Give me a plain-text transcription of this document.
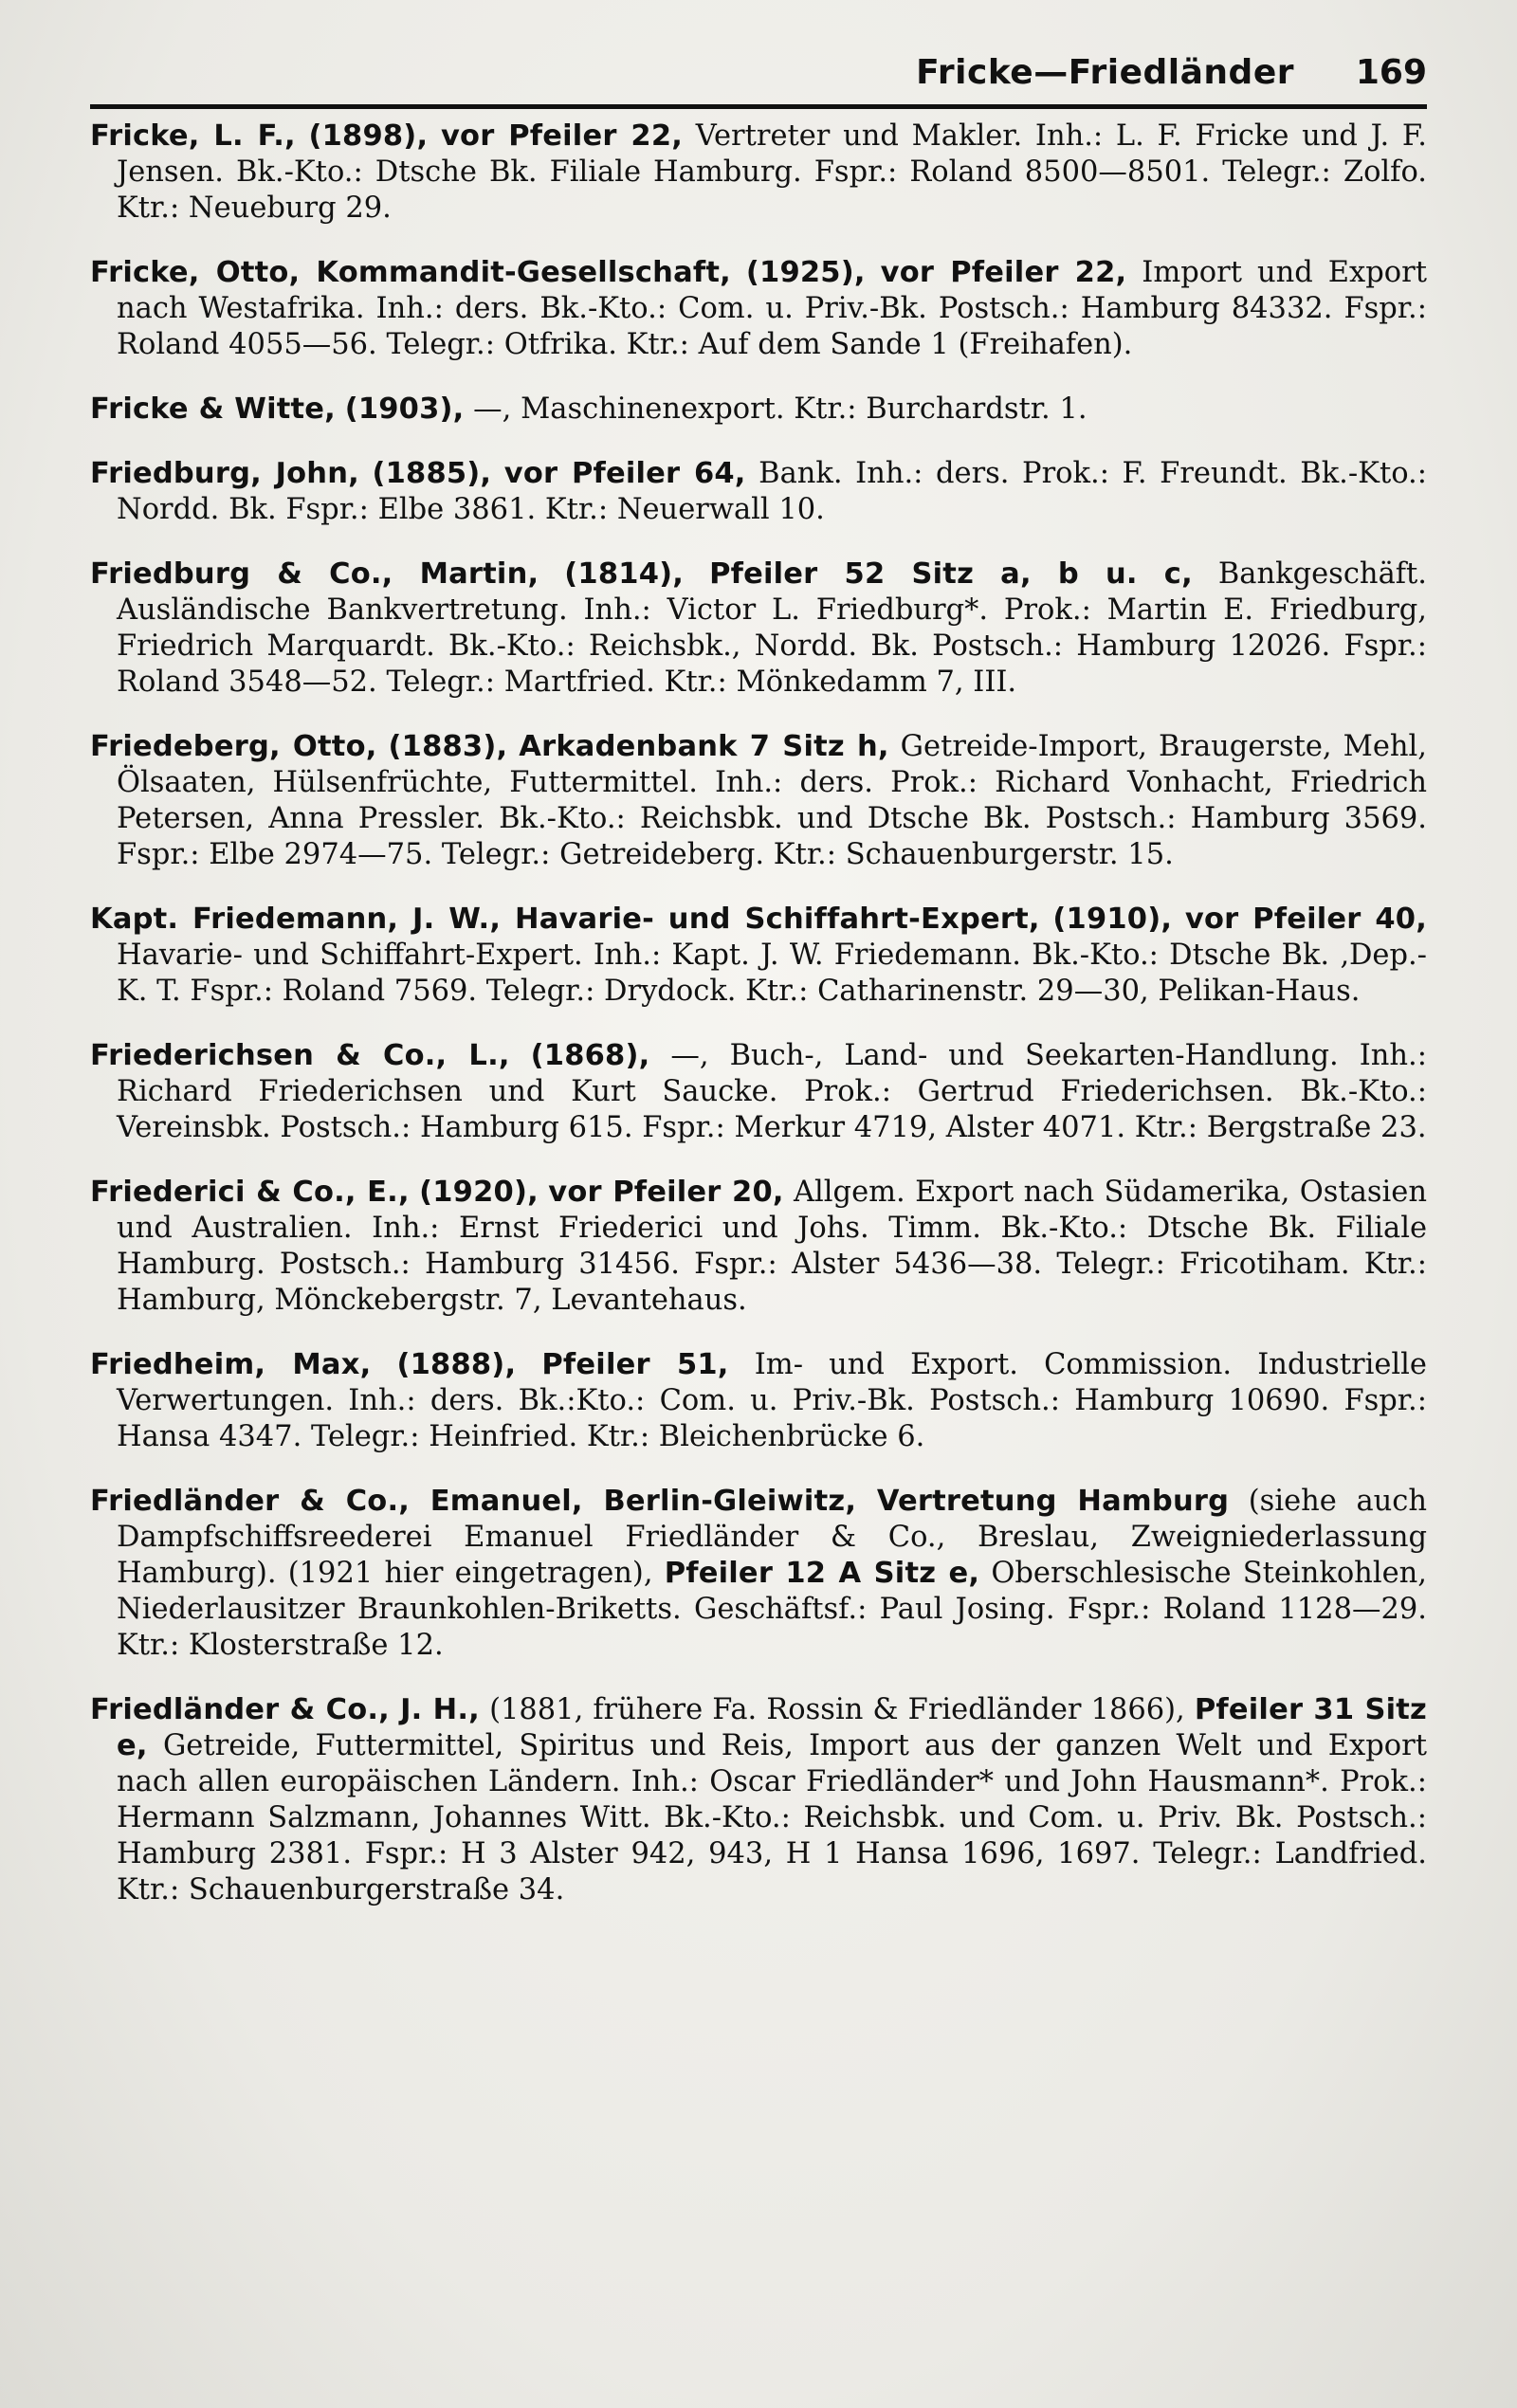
Fricke—Friedländer 169

Fricke, L. F., (1898), vor Pfeiler 22, Vertreter und Makler. Inh.: L. F. Fricke und J. F. Jensen. Bk.-Kto.: Dtsche Bk. Filiale Hamburg. Fspr.: Roland 8500—8501. Telegr.: Zolfo. Ktr.: Neueburg 29.

Fricke, Otto, Kommandit-Gesellschaft, (1925), vor Pfeiler 22, Import und Export nach Westafrika. Inh.: ders. Bk.-Kto.: Com. u. Priv.-Bk. Postsch.: Hamburg 84332. Fspr.: Roland 4055—56. Telegr.: Otfrika. Ktr.: Auf dem Sande 1 (Freihafen).

Fricke & Witte, (1903), —, Maschinenexport. Ktr.: Burchardstr. 1.

Friedburg, John, (1885), vor Pfeiler 64, Bank. Inh.: ders. Prok.: F. Freundt. Bk.-Kto.: Nordd. Bk. Fspr.: Elbe 3861. Ktr.: Neuerwall 10.

Friedburg & Co., Martin, (1814), Pfeiler 52 Sitz a, b u. c, Bankgeschäft. Ausländische Bankvertretung. Inh.: Victor L. Friedburg*. Prok.: Martin E. Friedburg, Friedrich Marquardt. Bk.-Kto.: Reichsbk., Nordd. Bk. Postsch.: Hamburg 12026. Fspr.: Roland 3548—52. Telegr.: Martfried. Ktr.: Mönkedamm 7, III.

Friedeberg, Otto, (1883), Arkadenbank 7 Sitz h, Getreide-Import, Braugerste, Mehl, Ölsaaten, Hülsenfrüchte, Futtermittel. Inh.: ders. Prok.: Richard Vonhacht, Friedrich Petersen, Anna Pressler. Bk.-Kto.: Reichsbk. und Dtsche Bk. Postsch.: Hamburg 3569. Fspr.: Elbe 2974—75. Telegr.: Getreideberg. Ktr.: Schauenburgerstr. 15.

Kapt. Friedemann, J. W., Havarie- und Schiffahrt-Expert, (1910), vor Pfeiler 40, Havarie- und Schiffahrt-Expert. Inh.: Kapt. J. W. Friedemann. Bk.-Kto.: Dtsche Bk. ‚Dep.-K. T. Fspr.: Roland 7569. Telegr.: Drydock. Ktr.: Catharinenstr. 29—30, Pelikan-Haus.

Friederichsen & Co., L., (1868), —, Buch-, Land- und Seekarten-Handlung. Inh.: Richard Friederichsen und Kurt Saucke. Prok.: Gertrud Friederichsen. Bk.-Kto.: Vereinsbk. Postsch.: Hamburg 615. Fspr.: Merkur 4719, Alster 4071. Ktr.: Bergstraße 23.

Friederici & Co., E., (1920), vor Pfeiler 20, Allgem. Export nach Südamerika, Ostasien und Australien. Inh.: Ernst Friederici und Johs. Timm. Bk.-Kto.: Dtsche Bk. Filiale Hamburg. Postsch.: Hamburg 31456. Fspr.: Alster 5436—38. Telegr.: Fricotiham. Ktr.: Hamburg, Mönckebergstr. 7, Levantehaus.

Friedheim, Max, (1888), Pfeiler 51, Im- und Export. Commission. Industrielle Verwertungen. Inh.: ders. Bk.:Kto.: Com. u. Priv.-Bk. Postsch.: Hamburg 10690. Fspr.: Hansa 4347. Telegr.: Heinfried. Ktr.: Bleichenbrücke 6.

Friedländer & Co., Emanuel, Berlin-Gleiwitz, Vertretung Hamburg (siehe auch Dampfschiffsreederei Emanuel Friedländer & Co., Breslau, Zweigniederlassung Hamburg). (1921 hier eingetragen), Pfeiler 12 A Sitz e, Oberschlesische Steinkohlen, Niederlausitzer Braunkohlen-Briketts. Geschäftsf.: Paul Josing. Fspr.: Roland 1128—29. Ktr.: Klosterstraße 12.

Friedländer & Co., J. H., (1881, frühere Fa. Rossin & Friedländer 1866), Pfeiler 31 Sitz e, Getreide, Futtermittel, Spiritus und Reis, Import aus der ganzen Welt und Export nach allen europäischen Ländern. Inh.: Oscar Friedländer* und John Hausmann*. Prok.: Hermann Salzmann, Johannes Witt. Bk.-Kto.: Reichsbk. und Com. u. Priv. Bk. Postsch.: Hamburg 2381. Fspr.: H 3 Alster 942, 943, H 1 Hansa 1696, 1697. Telegr.: Landfried. Ktr.: Schauenburgerstraße 34.
